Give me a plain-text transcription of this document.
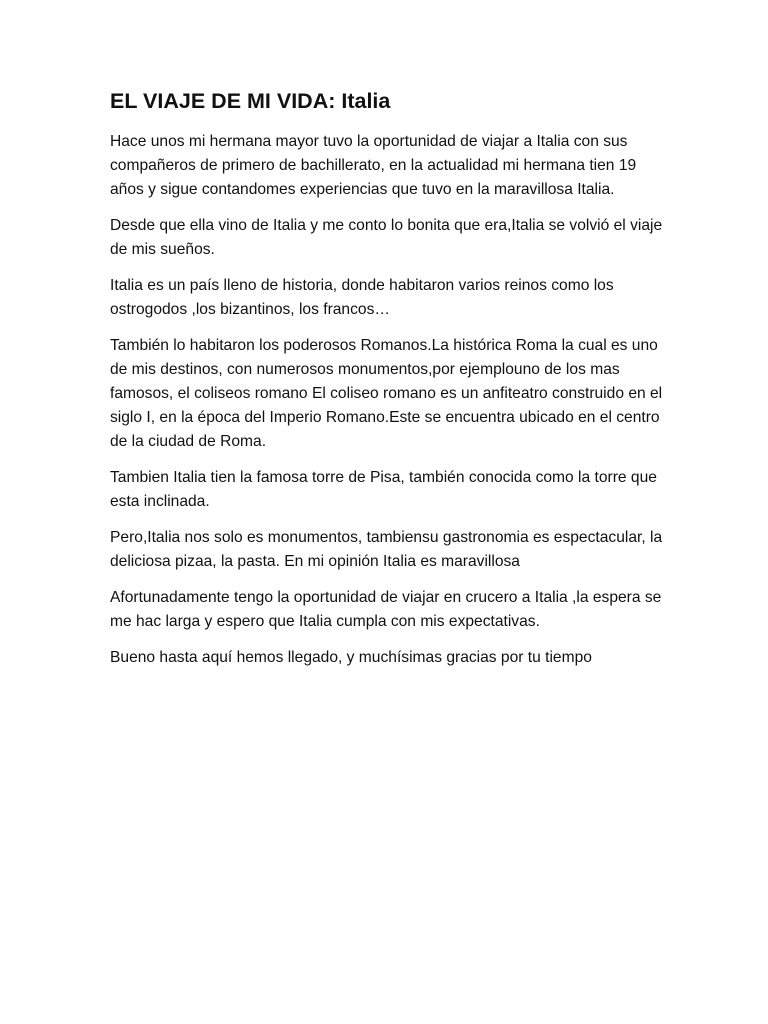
EL VIAJE DE MI VIDA: Italia

Hace unos mi hermana mayor tuvo la oportunidad de viajar a Italia con sus compañeros de primero de bachillerato, en la actualidad mi hermana tien 19 años y sigue contandomes experiencias que tuvo en la maravillosa Italia.

Desde que ella vino de Italia y me conto lo bonita que era,Italia se volvió el viaje de mis sueños.

Italia es un país lleno de historia, donde habitaron varios reinos como los ostrogodos ,los bizantinos, los francos…

También lo habitaron los poderosos Romanos.La histórica Roma la cual es uno de mis destinos, con numerosos monumentos,por ejemplouno de los mas famosos, el coliseos romano El coliseo romano es un anfiteatro construido en el siglo I, en la época del Imperio Romano.Este se encuentra ubicado en el centro de la ciudad de Roma.

Tambien Italia tien la famosa torre de Pisa, también conocida como la torre que esta inclinada.

Pero,Italia nos solo es monumentos, tambiensu gastronomia es espectacular, la deliciosa pizaa, la pasta. En mi opinión Italia es maravillosa

Afortunadamente tengo la oportunidad de viajar en crucero a Italia ,la espera se me hac larga y espero que Italia cumpla con mis expectativas.

Bueno hasta aquí hemos llegado, y muchísimas gracias por tu tiempo
